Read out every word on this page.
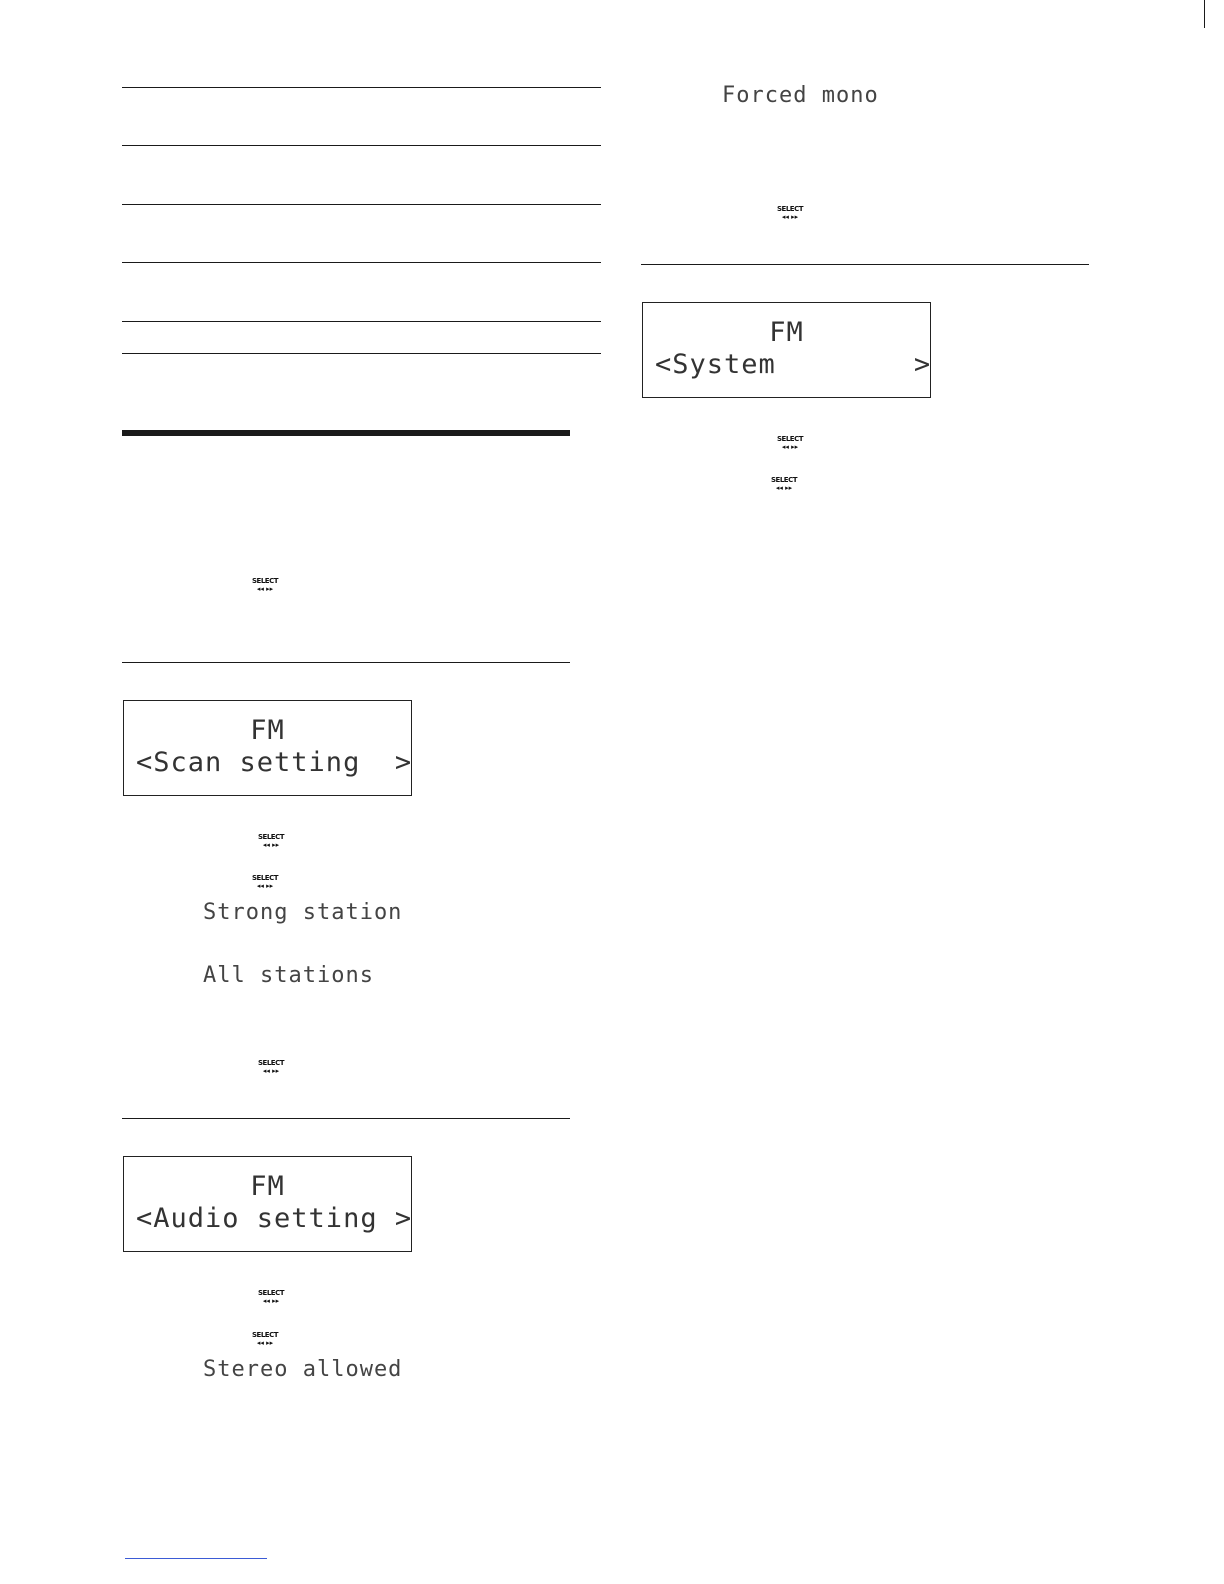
SELECT
◂◂ ▸▸
FM
<Scan setting  >
SELECT
◂◂ ▸▸
SELECT
◂◂ ▸▸
Strong station
All stations
SELECT
◂◂ ▸▸
FM
<Audio setting >
SELECT
◂◂ ▸▸
SELECT
◂◂ ▸▸
Stereo allowed
Forced mono
SELECT
◂◂ ▸▸
FM
<System        >
SELECT
◂◂ ▸▸
SELECT
◂◂ ▸▸
